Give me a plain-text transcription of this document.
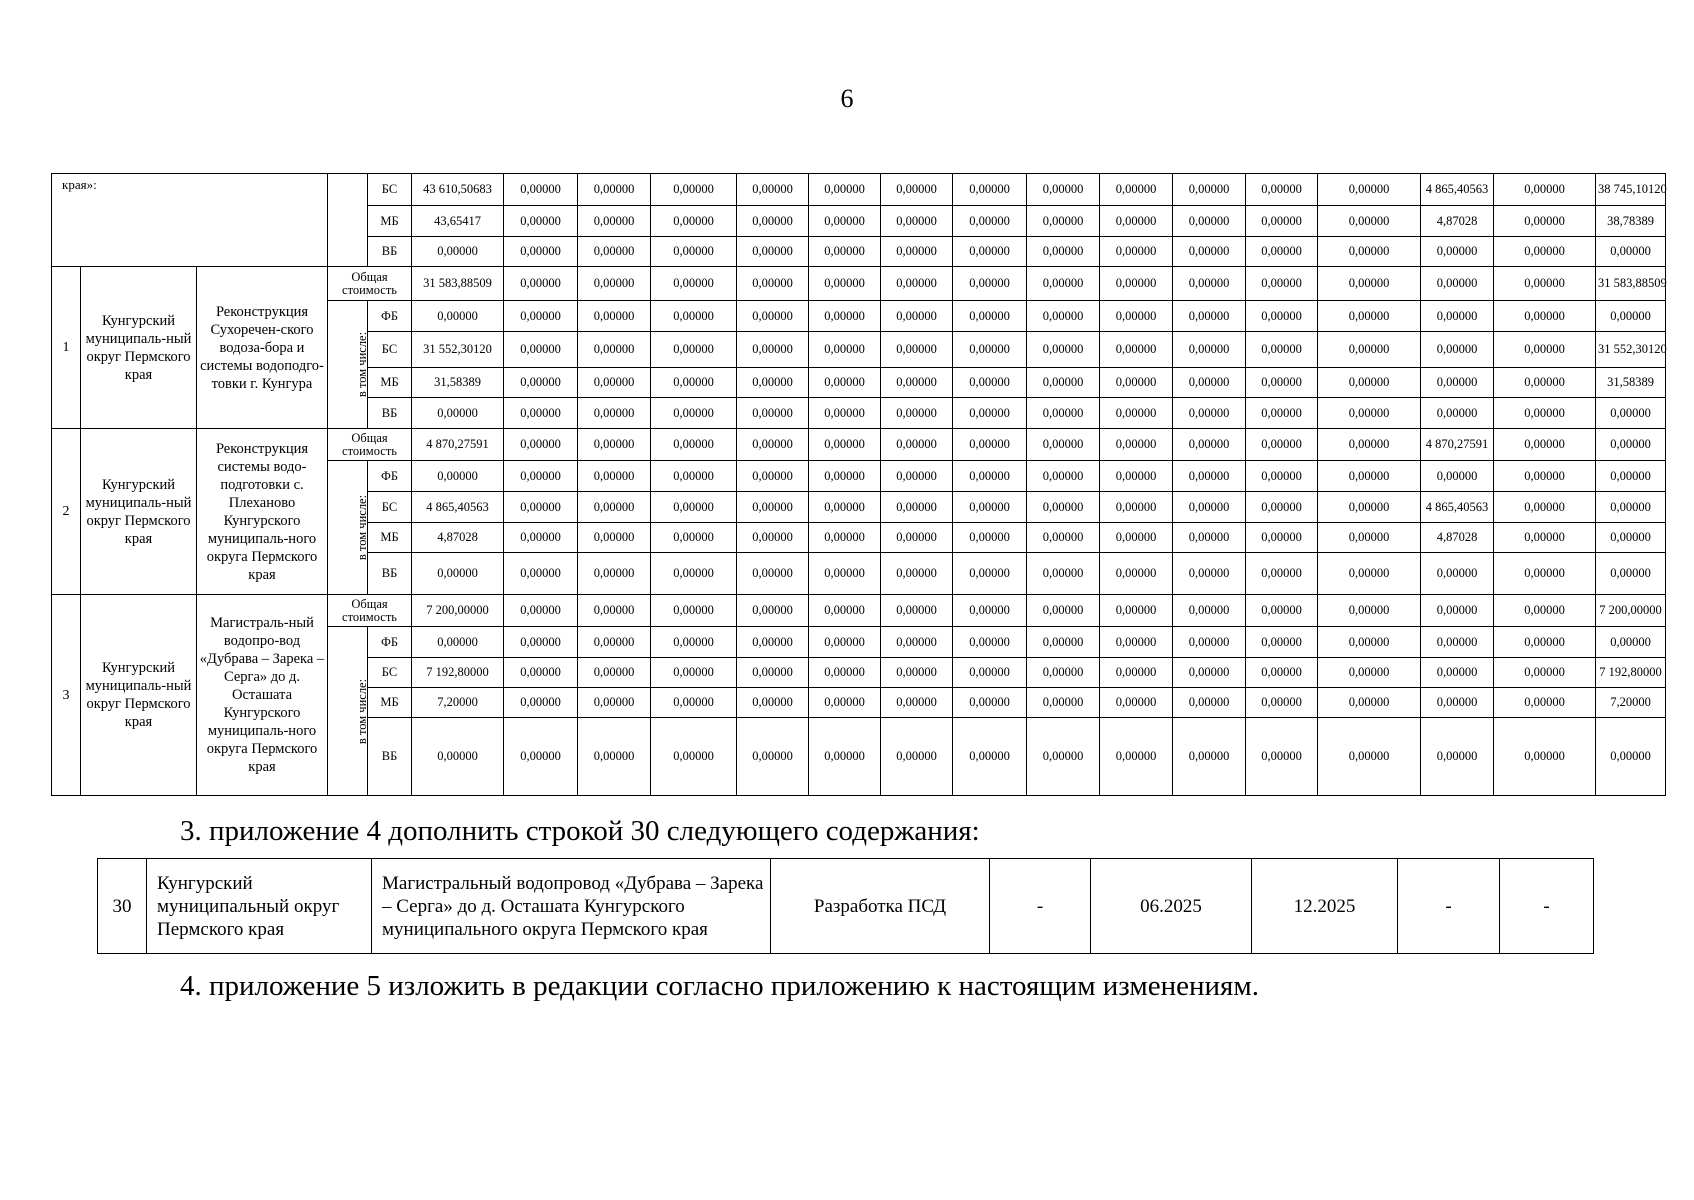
6
края»:				БС	43 610,50683	0,00000	0,00000	0,00000	0,00000	0,00000	0,00000	0,00000	0,00000	0,00000	0,00000	0,00000	0,00000	4 865,40563	0,00000	38 745,10120	
				МБ	43,65417	0,00000	0,00000	0,00000	0,00000	0,00000	0,00000	0,00000	0,00000	0,00000	0,00000	0,00000	0,00000	4,87028	0,00000	38,78389	
				ВБ	0,00000	0,00000	0,00000	0,00000	0,00000	0,00000	0,00000	0,00000	0,00000	0,00000	0,00000	0,00000	0,00000	0,00000	0,00000	0,00000	
1	Кунгурский муниципаль-ный округ Пермского края	Реконструкция Сухоречен-ского водоза-бора и системы водоподго-товки г. Кунгура	Общая стоимость		31 583,88509	0,00000	0,00000	0,00000	0,00000	0,00000	0,00000	0,00000	0,00000	0,00000	0,00000	0,00000	0,00000	0,00000	0,00000	31 583,88509	
			в том числе:	ФБ	0,00000	0,00000	0,00000	0,00000	0,00000	0,00000	0,00000	0,00000	0,00000	0,00000	0,00000	0,00000	0,00000	0,00000	0,00000	0,00000	
				БС	31 552,30120	0,00000	0,00000	0,00000	0,00000	0,00000	0,00000	0,00000	0,00000	0,00000	0,00000	0,00000	0,00000	0,00000	0,00000	31 552,30120	
				МБ	31,58389	0,00000	0,00000	0,00000	0,00000	0,00000	0,00000	0,00000	0,00000	0,00000	0,00000	0,00000	0,00000	0,00000	0,00000	31,58389	
				ВБ	0,00000	0,00000	0,00000	0,00000	0,00000	0,00000	0,00000	0,00000	0,00000	0,00000	0,00000	0,00000	0,00000	0,00000	0,00000	0,00000	
2	Кунгурский муниципаль-ный округ Пермского края	Реконструкция системы водо-подготовки с. Плеханово Кунгурского муниципаль-ного округа Пермского края	Общая стоимость		4 870,27591	0,00000	0,00000	0,00000	0,00000	0,00000	0,00000	0,00000	0,00000	0,00000	0,00000	0,00000	0,00000	4 870,27591	0,00000	0,00000	
			в том числе:	ФБ	0,00000	0,00000	0,00000	0,00000	0,00000	0,00000	0,00000	0,00000	0,00000	0,00000	0,00000	0,00000	0,00000	0,00000	0,00000	0,00000	
				БС	4 865,40563	0,00000	0,00000	0,00000	0,00000	0,00000	0,00000	0,00000	0,00000	0,00000	0,00000	0,00000	0,00000	4 865,40563	0,00000	0,00000	
				МБ	4,87028	0,00000	0,00000	0,00000	0,00000	0,00000	0,00000	0,00000	0,00000	0,00000	0,00000	0,00000	0,00000	4,87028	0,00000	0,00000	
				ВБ	0,00000	0,00000	0,00000	0,00000	0,00000	0,00000	0,00000	0,00000	0,00000	0,00000	0,00000	0,00000	0,00000	0,00000	0,00000	0,00000	
3	Кунгурский муниципаль-ный округ Пермского края	Магистраль-ный водопро-вод «Дубрава – Зарека – Серга» до д. Осташата Кунгурского муниципаль-ного округа Пермского края	Общая стоимость		7 200,00000	0,00000	0,00000	0,00000	0,00000	0,00000	0,00000	0,00000	0,00000	0,00000	0,00000	0,00000	0,00000	0,00000	0,00000	7 200,00000	
			в том числе:	ФБ	0,00000	0,00000	0,00000	0,00000	0,00000	0,00000	0,00000	0,00000	0,00000	0,00000	0,00000	0,00000	0,00000	0,00000	0,00000	0,00000	
				БС	7 192,80000	0,00000	0,00000	0,00000	0,00000	0,00000	0,00000	0,00000	0,00000	0,00000	0,00000	0,00000	0,00000	0,00000	0,00000	7 192,80000	
				МБ	7,20000	0,00000	0,00000	0,00000	0,00000	0,00000	0,00000	0,00000	0,00000	0,00000	0,00000	0,00000	0,00000	0,00000	0,00000	7,20000	
				ВБ	0,00000	0,00000	0,00000	0,00000	0,00000	0,00000	0,00000	0,00000	0,00000	0,00000	0,00000	0,00000	0,00000	0,00000	0,00000	0,00000	
3. приложение 4 дополнить строкой 30 следующего содержания:
30	Кунгурский муниципальный округ Пермского края	Магистральный водопровод «Дубрава – Зарека – Серга» до д. Осташата Кунгурского муниципального округа Пермского края	Разработка ПСД	-	06.2025	12.2025	-	-
4. приложение 5 изложить в редакции согласно приложению к настоящим изменениям.
